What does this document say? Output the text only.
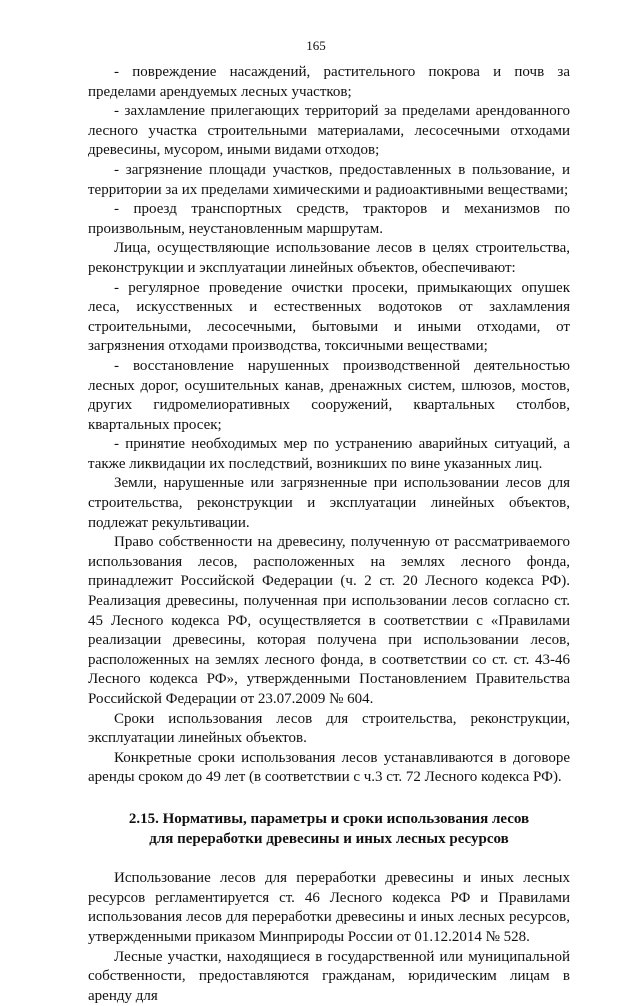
165

- повреждение насаждений, растительного покрова и почв за пределами арендуемых лесных участков;

- захламление прилегающих территорий за пределами арендованного лесного участка строительными материалами, лесосечными отходами древесины, мусором, иными видами отходов;

- загрязнение площади участков, предоставленных в пользование, и территории за их пределами химическими и радиоактивными веществами;

- проезд транспортных средств, тракторов и механизмов по произвольным, неустановленным маршрутам.

Лица, осуществляющие использование лесов в целях строительства, реконструкции и эксплуатации линейных объектов, обеспечивают:

- регулярное проведение очистки просеки, примыкающих опушек леса, искусственных и естественных водотоков от захламления строительными, лесосечными, бытовыми и иными отходами, от загрязнения отходами производства, токсичными веществами;

- восстановление нарушенных производственной деятельностью лесных дорог, осушительных канав, дренажных систем, шлюзов, мостов, других гидромелиоративных сооружений, квартальных столбов, квартальных просек;

- принятие необходимых мер по устранению аварийных ситуаций, а также ликвидации их последствий, возникших по вине указанных лиц.

Земли, нарушенные или загрязненные при использовании лесов для строительства, реконструкции и эксплуатации линейных объектов, подлежат рекультивации.

Право собственности на древесину, полученную от рассматриваемого использования лесов, расположенных на землях лесного фонда, принадлежит Российской Федерации (ч. 2 ст. 20 Лесного кодекса РФ). Реализация древесины, полученная при использовании лесов согласно ст. 45 Лесного кодекса РФ, осуществляется в соответствии с «Правилами реализации древесины, которая получена при использовании лесов, расположенных на землях лесного фонда, в соответствии со ст. ст. 43-46 Лесного кодекса РФ», утвержденными Постановлением Правительства Российской Федерации от 23.07.2009 № 604.

Сроки использования лесов для строительства, реконструкции, эксплуатации линейных объектов.

Конкретные сроки использования лесов устанавливаются в договоре аренды сроком до 49 лет (в соответствии с ч.3 ст. 72 Лесного кодекса РФ).

2.15. Нормативы, параметры и сроки использования лесов
для переработки древесины и иных лесных ресурсов

Использование лесов для переработки древесины и иных лесных ресурсов регламентируется ст. 46 Лесного кодекса РФ и Правилами использования лесов для переработки древесины и иных лесных ресурсов, утвержденными приказом Минприроды России от 01.12.2014 № 528.

Лесные участки, находящиеся в государственной или муниципальной собственности, предоставляются гражданам, юридическим лицам в аренду для
